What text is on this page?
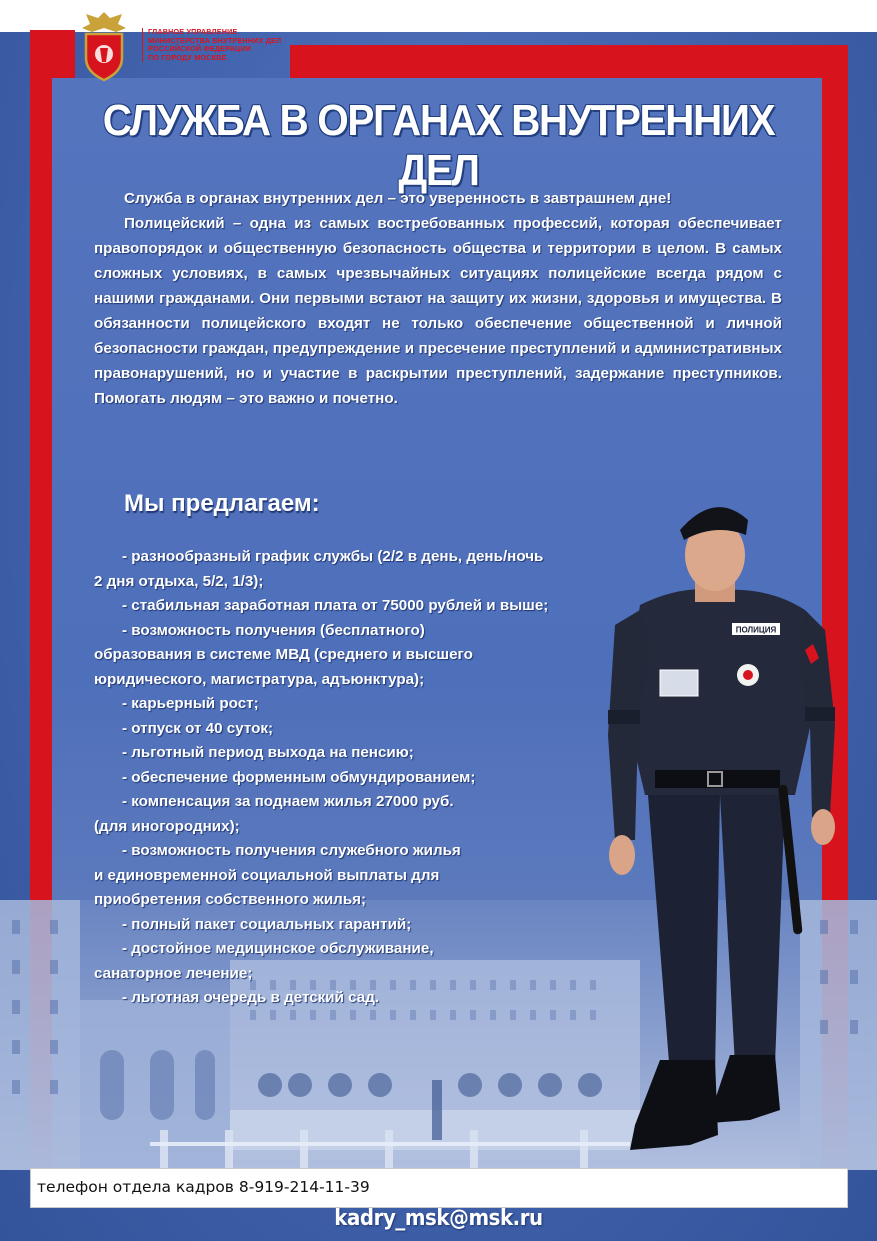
ГЛАВНОЕ УПРАВЛЕНИЕ
МИНИСТЕРСТВА ВНУТРЕННИХ ДЕЛ
РОССИЙСКОЙ ФЕДЕРАЦИИ
ПО ГОРОДУ МОСКВЕ
СЛУЖБА В ОРГАНАХ ВНУТРЕННИХ ДЕЛ

Служба в органах внутренних дел – это уверенность в завтрашнем дне!

Полицейский – одна из самых востребованных профессий, которая обеспечивает правопорядок и общественную безопасность общества и территории в целом. В самых сложных условиях, в самых чрезвычайных ситуациях полицейские всегда рядом с нашими гражданами. Они первыми встают на защиту их жизни, здоровья и имущества. В обязанности полицейского входят не только обеспечение общественной и личной безопасности граждан, предупреждение и пресечение преступлений и административных правонарушений, но и участие в раскрытии преступлений, задержание преступников. Помогать людям – это важно и почетно.

Мы предлагаем:
- разнообразный график службы (2/2 в день, день/ночь
2 дня отдыха, 5/2, 1/3);
- стабильная заработная плата от 75000 рублей и выше;
- возможность получения (бесплатного)
образования в системе МВД (среднего и высшего
юридического, магистратура, адъюнктура);
- карьерный рост;
- отпуск от 40 суток;
- льготный период выхода на пенсию;
- обеспечение форменным обмундированием;
- компенсация за поднаем жилья 27000 руб.
(для иногородних);
- возможность получения служебного жилья
и единовременной социальной выплаты для
приобретения собственного жилья;
- полный пакет социальных гарантий;
- достойное медицинское обслуживание,
санаторное лечение;
- льготная очередь в детский сад.
ПОЛИЦИЯ
телефон отдела кадров 8-919-214-11-39
kadry_msk@msk.ru
